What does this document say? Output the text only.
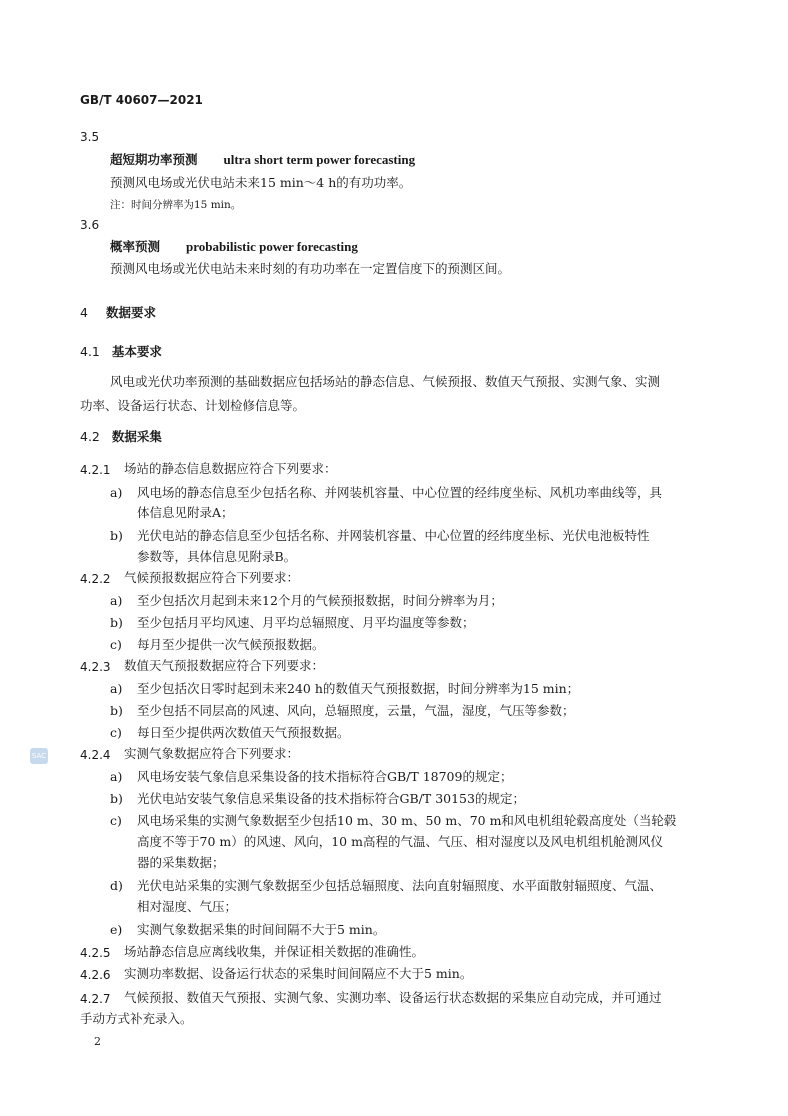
GB/T 40607—2021
3.5
超短期功率预测 ultra short term power forecasting
预测风电场或光伏电站未来15 min～4 h的有功功率。
注：时间分辨率为15 min。
3.6
概率预测 probabilistic power forecasting
预测风电场或光伏电站未来时刻的有功功率在一定置信度下的预测区间。
4 数据要求
4.1 基本要求
风电或光伏功率预测的基础数据应包括场站的静态信息、气候预报、数值天气预报、实测气象、实测
功率、设备运行状态、计划检修信息等。
4.2 数据采集
4.2.1 场站的静态信息数据应符合下列要求：
a) 风电场的静态信息至少包括名称、并网装机容量、中心位置的经纬度坐标、风机功率曲线等，具
体信息见附录A；
b) 光伏电站的静态信息至少包括名称、并网装机容量、中心位置的经纬度坐标、光伏电池板特性
参数等，具体信息见附录B。
4.2.2 气候预报数据应符合下列要求：
a) 至少包括次月起到未来12个月的气候预报数据，时间分辨率为月；
b) 至少包括月平均风速、月平均总辐照度、月平均温度等参数；
c) 每月至少提供一次气候预报数据。
4.2.3 数值天气预报数据应符合下列要求：
a) 至少包括次日零时起到未来240 h的数值天气预报数据，时间分辨率为15 min；
b) 至少包括不同层高的风速、风向，总辐照度，云量，气温，湿度，气压等参数；
c) 每日至少提供两次数值天气预报数据。
SAC	4.2.4 实测气象数据应符合下列要求：
a) 风电场安装气象信息采集设备的技术指标符合GB/T 18709的规定；
b) 光伏电站安装气象信息采集设备的技术指标符合GB/T 30153的规定；
c) 风电场采集的实测气象数据至少包括10 m、30 m、50 m、70 m和风电机组轮毂高度处（当轮毂
高度不等于70 m）的风速、风向，10 m高程的气温、气压、相对湿度以及风电机组机舱测风仪
器的采集数据；
d) 光伏电站采集的实测气象数据至少包括总辐照度、法向直射辐照度、水平面散射辐照度、气温、
相对湿度、气压；
e) 实测气象数据采集的时间间隔不大于5 min。
4.2.5 场站静态信息应离线收集，并保证相关数据的准确性。
4.2.6 实测功率数据、设备运行状态的采集时间间隔应不大于5 min。
4.2.7 气候预报、数值天气预报、实测气象、实测功率、设备运行状态数据的采集应自动完成，并可通过
手动方式补充录入。
2
